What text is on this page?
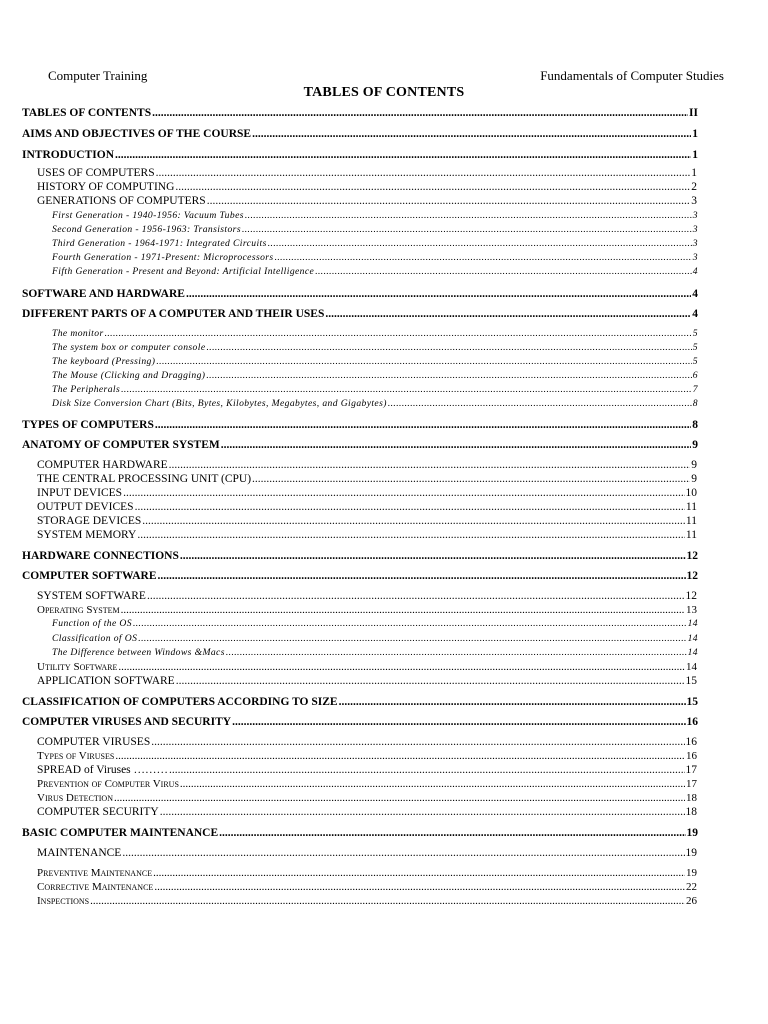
Computer Training	Fundamentals of Computer Studies
TABLES OF CONTENTS
TABLES OF CONTENTS .....	II
AIMS AND OBJECTIVES OF THE COURSE .....	1
INTRODUCTION .....	1
USES OF COMPUTERS .....	1
HISTORY OF COMPUTING .....	2
GENERATIONS OF COMPUTERS .....	3
First Generation - 1940-1956: Vacuum Tubes .....	3
Second Generation - 1956-1963: Transistors .....	3
Third Generation - 1964-1971: Integrated Circuits .....	3
Fourth Generation - 1971-Present: Microprocessors .....	3
Fifth Generation - Present and Beyond: Artificial Intelligence .....	4
SOFTWARE AND HARDWARE .....	4
DIFFERENT PARTS OF A COMPUTER AND THEIR USES .....	4
The monitor .....	5
The system box or computer console .....	5
The keyboard (Pressing) .....	5
The Mouse (Clicking and Dragging) .....	6
The Peripherals .....	7
Disk Size Conversion Chart (Bits, Bytes, Kilobytes, Megabytes, and Gigabytes) .....	8
TYPES OF COMPUTERS .....	8
ANATOMY OF COMPUTER SYSTEM .....	9
COMPUTER HARDWARE .....	9
THE CENTRAL PROCESSING UNIT (CPU) .....	9
INPUT DEVICES .....	10
OUTPUT DEVICES .....	11
STORAGE DEVICES .....	11
SYSTEM MEMORY .....	11
HARDWARE CONNECTIONS .....	12
COMPUTER SOFTWARE .....	12
SYSTEM SOFTWARE .....	12
Operating System .....	13
Function of the OS .....	14
Classification of OS .....	14
The Difference between Windows &Macs .....	14
Utility Software .....	14
APPLICATION SOFTWARE .....	15
CLASSIFICATION OF COMPUTERS ACCORDING TO SIZE .....	15
COMPUTER VIRUSES AND SECURITY .....	16
COMPUTER VIRUSES .....	16
Types of Viruses .....	16
SPREAD of Viruses ……… .....	17
Prevention of Computer Virus .....	17
Virus Detection .....	18
COMPUTER SECURITY .....	18
BASIC COMPUTER MAINTENANCE .....	19
MAINTENANCE .....	19
Preventive Maintenance .....	19
Corrective Maintenance .....	22
Inspections .....	26
